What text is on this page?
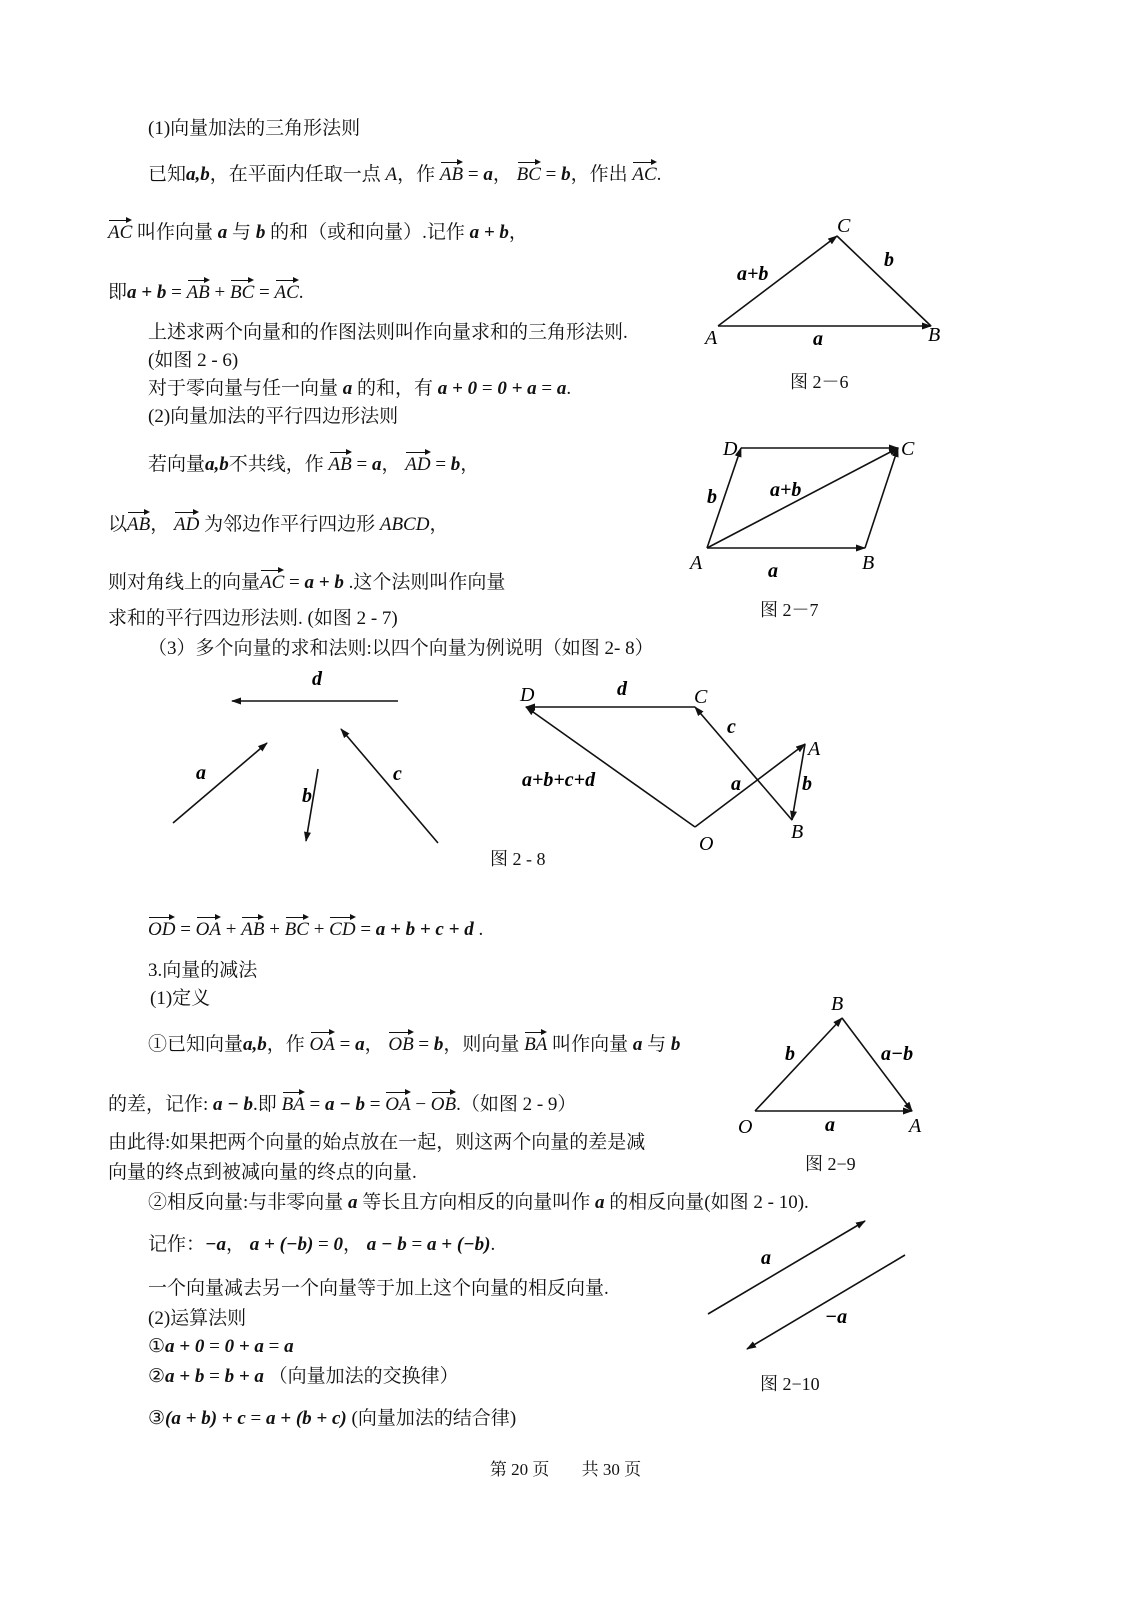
(1)向量加法的三角形法则
已知a,b，在平面内任取一点 A，作 AB = a， BC = b，作出 AC.
AC 叫作向量 a 与 b 的和（或和向量）.记作 a + b，
即a + b = AB + BC = AC.
上述求两个向量和的作图法则叫作向量求和的三角形法则.
(如图 2 - 6)
对于零向量与任一向量 a 的和，有 a + 0 = 0 + a = a.
(2)向量加法的平行四边形法则
若向量a,b不共线，作 AB = a， AD = b，
以AB， AD 为邻边作平行四边形 ABCD，
则对角线上的向量AC = a + b .这个法则叫作向量
求和的平行四边形法则. (如图 2 - 7)
（3）多个向量的求和法则:以四个向量为例说明（如图 2- 8）
OD = OA + AB + BC + CD = a + b + c + d .
3.向量的减法
(1)定义
①已知向量a,b，作 OA = a， OB = b，则向量 BA 叫作向量 a 与 b
的差，记作: a − b.即 BA = a − b = OA − OB.（如图 2 - 9）
由此得:如果把两个向量的始点放在一起，则这两个向量的差是减
向量的终点到被减向量的终点的向量.
②相反向量:与非零向量 a 等长且方向相反的向量叫作 a 的相反向量(如图 2 - 10).
记作：−a， a + (−b) = 0， a − b = a + (−b).
一个向量减去另一个向量等于加上这个向量的相反向量.
(2)运算法则
①a + 0 = 0 + a = a
②a + b = b + a （向量加法的交换律）
③(a + b) + c = a + (b + c) (向量加法的结合律)
A	B
C
a
b
a+b
图 2－6
A	B
C
D
a
b	a+b
图 2－7
d
a
b
c
D	C
A
B
O
d
c
a	b
a+b+c+d
图 2 - 8
O	A
B
a
b	a−b
图 2−9
a
−a
图 2−10
第 20 页 共 30 页
